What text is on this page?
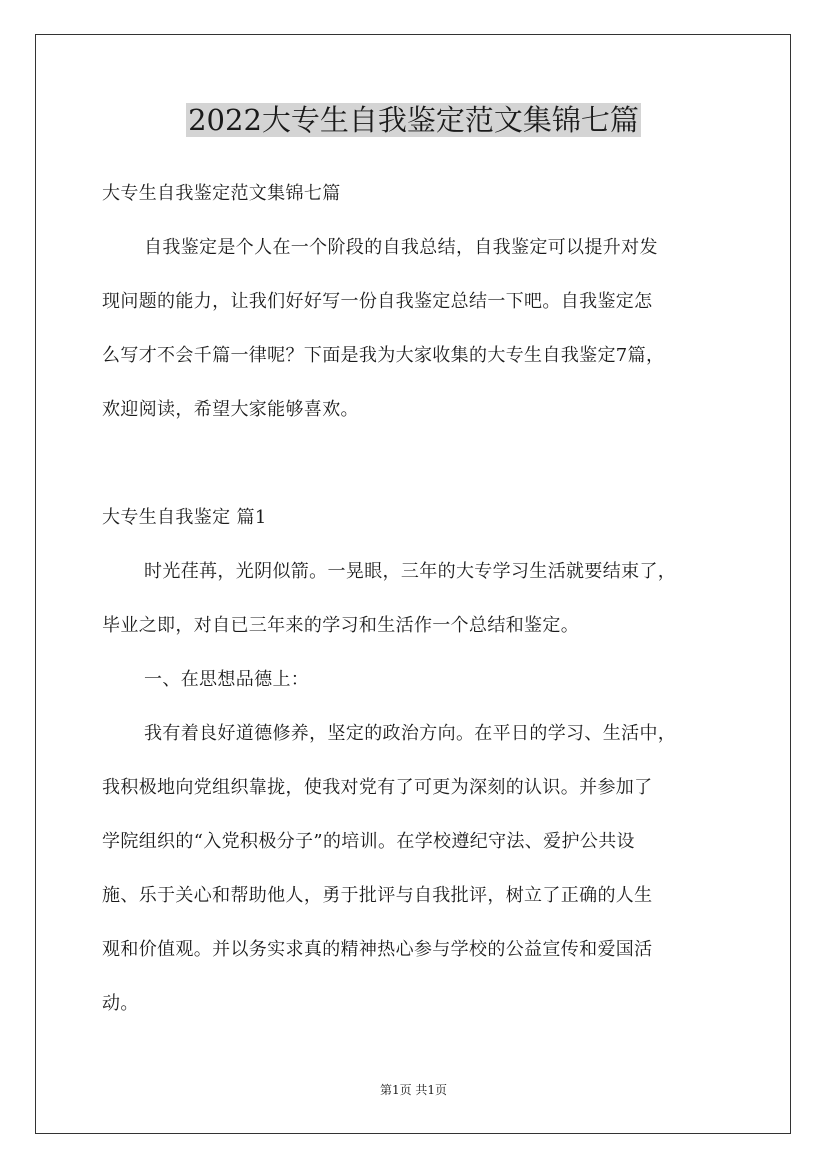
2022大专生自我鉴定范文集锦七篇
大专生自我鉴定范文集锦七篇
自我鉴定是个人在一个阶段的自我总结，自我鉴定可以提升对发
现问题的能力，让我们好好写一份自我鉴定总结一下吧。自我鉴定怎
么写才不会千篇一律呢？下面是我为大家收集的大专生自我鉴定7篇，
欢迎阅读，希望大家能够喜欢。
大专生自我鉴定 篇1
时光荏苒，光阴似箭。一晃眼，三年的大专学习生活就要结束了，
毕业之即，对自已三年来的学习和生活作一个总结和鉴定。
一、在思想品德上：
我有着良好道德修养，坚定的政治方向。在平日的学习、生活中，
我积极地向党组织靠拢，使我对党有了可更为深刻的认识。并参加了
学院组织的“入党积极分子”的培训。在学校遵纪守法、爱护公共设
施、乐于关心和帮助他人，勇于批评与自我批评，树立了正确的人生
观和价值观。并以务实求真的精神热心参与学校的公益宣传和爱国活
动。
第1页 共1页
